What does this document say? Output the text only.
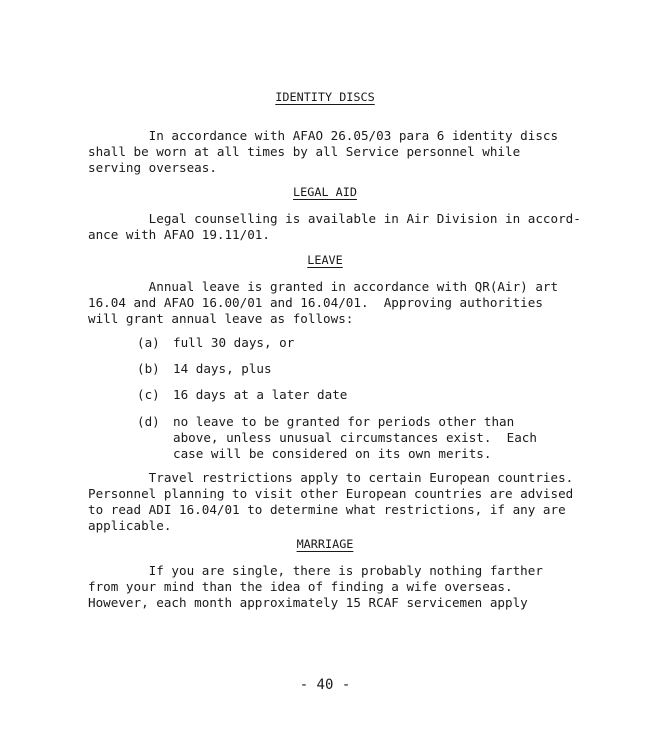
IDENTITY DISCS
In accordance with AFAO 26.05/03 para 6 identity discs
shall be worn at all times by all Service personnel while
serving overseas.
LEGAL AID
Legal counselling is available in Air Division in accord-
ance with AFAO 19.11/01.
LEAVE
Annual leave is granted in accordance with QR(Air) art
16.04 and AFAO 16.00/01 and 16.04/01.  Approving authorities
will grant annual leave as follows:
(a) full 30 days, or
(b) 14 days, plus
(c) 16 days at a later date
(d) no leave to be granted for periods other than
above, unless unusual circumstances exist.  Each
case will be considered on its own merits.
Travel restrictions apply to certain European countries.
Personnel planning to visit other European countries are advised
to read ADI 16.04/01 to determine what restrictions, if any are
applicable.
MARRIAGE
If you are single, there is probably nothing farther
from your mind than the idea of finding a wife overseas.
However, each month approximately 15 RCAF servicemen apply
- 40 -
